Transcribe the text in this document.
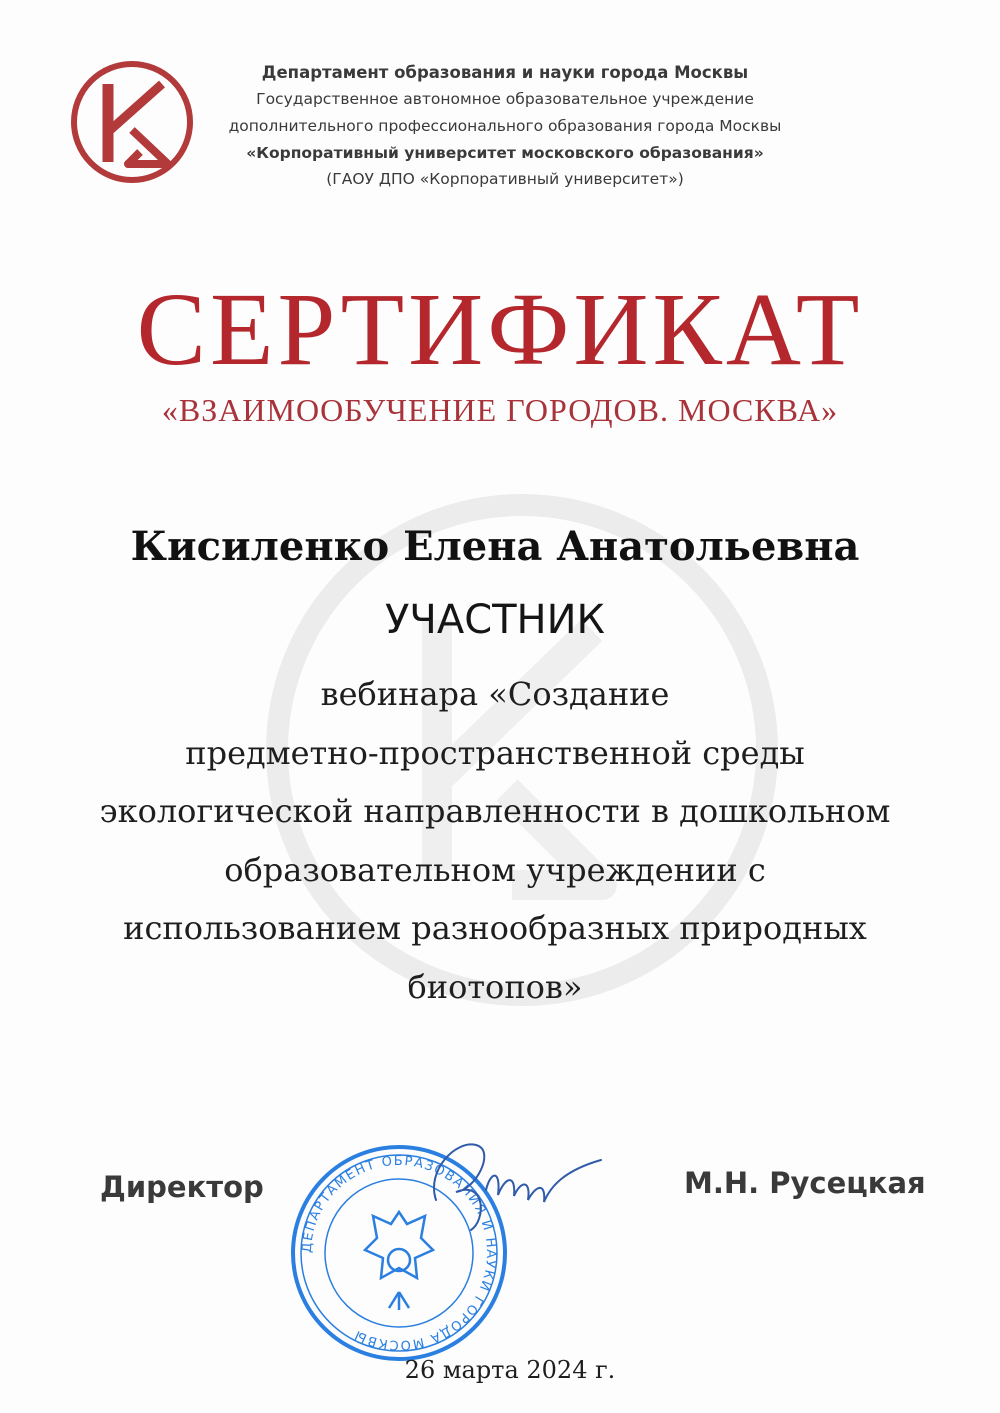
Департамент образования и науки города Москвы
Государственное автономное образовательное учреждение
дополнительного профессионального образования города Москвы
«Корпоративный университет московского образования»
(ГАОУ ДПО «Корпоративный университет»)
СЕРТИФИКАТ
«ВЗАИМООБУЧЕНИЕ ГОРОДОВ. МОСКВА»
Кисиленко Елена Анатольевна
УЧАСТНИК
вебинара «Создание
предметно-пространственной среды
экологической направленности в дошкольном
образовательном учреждении с
использованием разнообразных природных
биотопов»
Директор
ДЕПАРТАМЕНТ ОБРАЗОВАНИЯ И НАУКИ ГОРОДА МОСКВЫ
М.Н. Русецкая
26 марта 2024 г.
